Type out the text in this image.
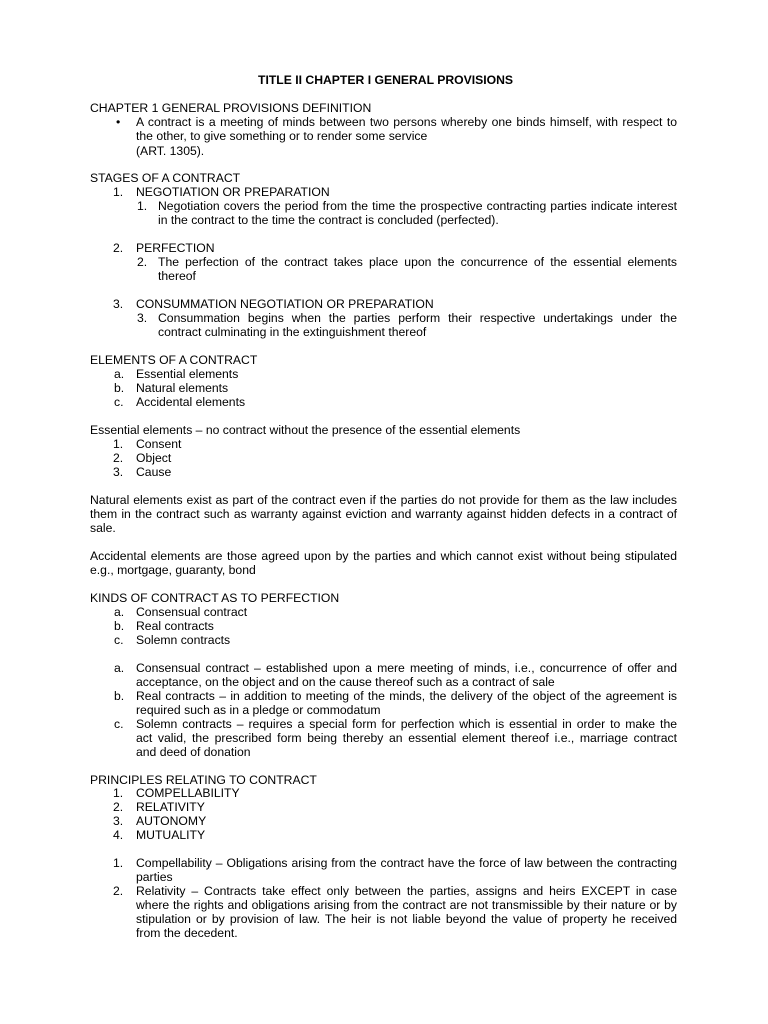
TITLE II CHAPTER I GENERAL PROVISIONS
CHAPTER 1 GENERAL PROVISIONS DEFINITION
• A contract is a meeting of minds between two persons whereby one binds himself, with respect to
the other, to give something or to render some service
(ART. 1305).
STAGES OF A CONTRACT
1. NEGOTIATION OR PREPARATION
1. Negotiation covers the period from the time the prospective contracting parties indicate interest
in the contract to the time the contract is concluded (perfected).
2. PERFECTION
2. The perfection of the contract takes place upon the concurrence of the essential elements
thereof
3. CONSUMMATION NEGOTIATION OR PREPARATION
3. Consummation begins when the parties perform their respective undertakings under the
contract culminating in the extinguishment thereof
ELEMENTS OF A CONTRACT
a. Essential elements
b. Natural elements
c. Accidental elements
Essential elements – no contract without the presence of the essential elements
1. Consent
2. Object
3. Cause
Natural elements exist as part of the contract even if the parties do not provide for them as the law includes
them in the contract such as warranty against eviction and warranty against hidden defects in a contract of
sale.
Accidental elements are those agreed upon by the parties and which cannot exist without being stipulated
e.g., mortgage, guaranty, bond
KINDS OF CONTRACT AS TO PERFECTION
a. Consensual contract
b. Real contracts
c. Solemn contracts
a. Consensual contract – established upon a mere meeting of minds, i.e., concurrence of offer and
acceptance, on the object and on the cause thereof such as a contract of sale
b. Real contracts – in addition to meeting of the minds, the delivery of the object of the agreement is
required such as in a pledge or commodatum
c. Solemn contracts – requires a special form for perfection which is essential in order to make the
act valid, the prescribed form being thereby an essential element thereof i.e., marriage contract
and deed of donation
PRINCIPLES RELATING TO CONTRACT
1. COMPELLABILITY
2. RELATIVITY
3. AUTONOMY
4. MUTUALITY
1. Compellability – Obligations arising from the contract have the force of law between the contracting
parties
2. Relativity – Contracts take effect only between the parties, assigns and heirs EXCEPT in case
where the rights and obligations arising from the contract are not transmissible by their nature or by
stipulation or by provision of law. The heir is not liable beyond the value of property he received
from the decedent.
